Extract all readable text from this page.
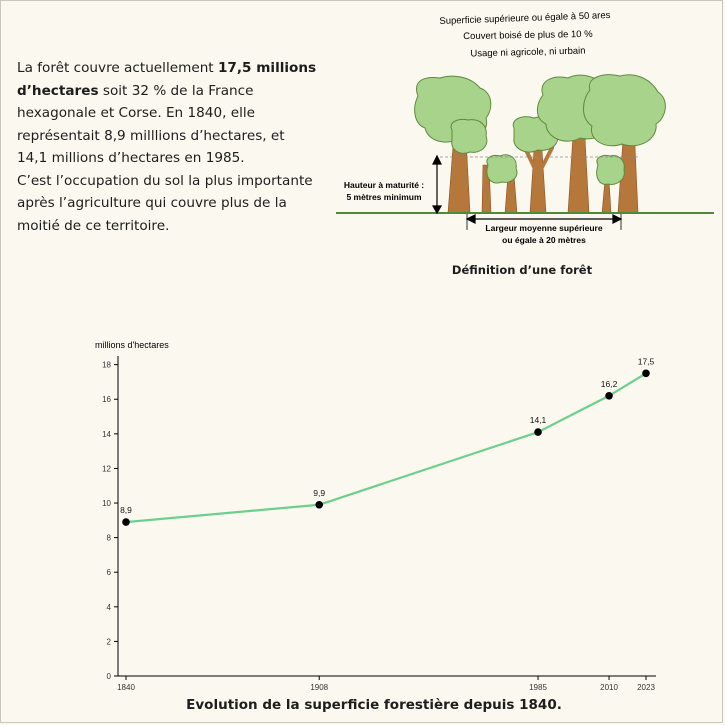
La forêt couvre actuellement 17,5 millions d’hectares soit 32 % de la France hexagonale et Corse. En 1840, elle représentait 8,9 milllions d’hectares, et 14,1 millions d’hectares en 1985.

C’est l’occupation du sol la plus importante après l’agriculture qui couvre plus de la moitié de ce territoire.

Superficie supérieure ou égale à 50 ares
Couvert boisé de plus de 10 %
Usage ni agricole, ni urbain
Hauteur à maturité :
5 mètres minimum
Largeur moyenne supérieure
ou égale à 20 mètres
Définition d’une forêt
millions d'hectares
0
2
4
6
8
10
12
14
16
18
1840	1908	1985	2010 2023
8,9
9,9
14,1
16,2
17,5
Evolution de la superficie forestière depuis 1840.
